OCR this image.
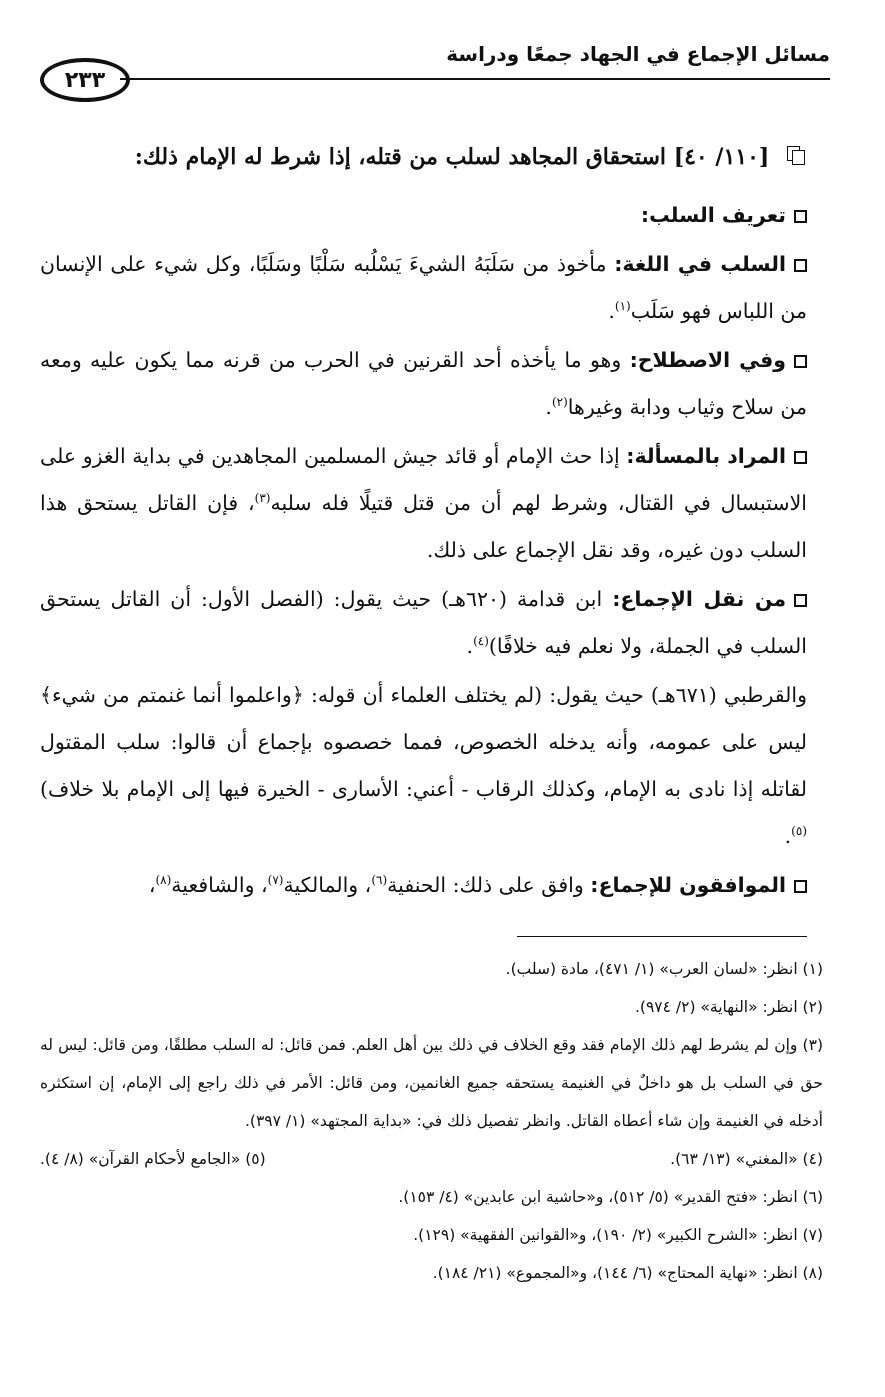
مسائل الإجماع في الجهاد جمعًا ودراسة
٢٣٣

[١١٠/ ٤٠] استحقاق المجاهد لسلب من قتله، إذا شرط له الإمام ذلك:

تعريف السلب:

السلب في اللغة: مأخوذ من سَلَبَهُ الشيءَ يَسْلُبه سَلْبًا وسَلَبًا، وكل شيء على الإنسان من اللباس فهو سَلَب$^{(١)}$.

وفي الاصطلاح: وهو ما يأخذه أحد القرنين في الحرب من قرنه مما يكون عليه ومعه من سلاح وثياب ودابة وغيرها$^{(٢)}$.

المراد بالمسألة: إذا حث الإمام أو قائد جيش المسلمين المجاهدين في بداية الغزو على الاستبسال في القتال، وشرط لهم أن من قتل قتيلًا فله سلبه$^{(٣)}$، فإن القاتل يستحق هذا السلب دون غيره، وقد نقل الإجماع على ذلك.

من نقل الإجماع: ابن قدامة (٦٢٠هـ) حيث يقول: (الفصل الأول: أن القاتل يستحق السلب في الجملة، ولا نعلم فيه خلافًا)$^{(٤)}$.

والقرطبي (٦٧١هـ) حيث يقول: (لم يختلف العلماء أن قوله: ﴿واعلموا أنما غنمتم من شيء﴾ ليس على عمومه، وأنه يدخله الخصوص، فمما خصصوه بإجماع أن قالوا: سلب المقتول لقاتله إذا نادى به الإمام، وكذلك الرقاب - أعني: الأسارى - الخيرة فيها إلى الإمام بلا خلاف)$^{(٥)}$.

الموافقون للإجماع: وافق على ذلك: الحنفية$^{(٦)}$، والمالكية$^{(٧)}$، والشافعية$^{(٨)}$،

(١) انظر: «لسان العرب» (١/ ٤٧١)، مادة (سلب).

(٢) انظر: «النهاية» (٢/ ٩٧٤).

(٣) وإن لم يشرط لهم ذلك الإمام فقد وقع الخلاف في ذلك بين أهل العلم. فمن قائل: له السلب مطلقًا، ومن قائل: ليس له حق في السلب بل هو داخلٌ في الغنيمة يستحقه جميع الغانمين، ومن قائل: الأمر في ذلك راجع إلى الإمام، إن استكثره أدخله في الغنيمة وإن شاء أعطاه القاتل. وانظر تفصيل ذلك في: «بداية المجتهد» (١/ ٣٩٧).

(٤) «المغني» (١٣/ ٦٣).

(٥) «الجامع لأحكام القرآن» (٨/ ٤).

(٦) انظر: «فتح القدير» (٥/ ٥١٢)، و«حاشية ابن عابدين» (٤/ ١٥٣).

(٧) انظر: «الشرح الكبير» (٢/ ١٩٠)، و«القوانين الفقهية» (١٢٩).

(٨) انظر: «نهاية المحتاج» (٦/ ١٤٤)، و«المجموع» (٢١/ ١٨٤).
